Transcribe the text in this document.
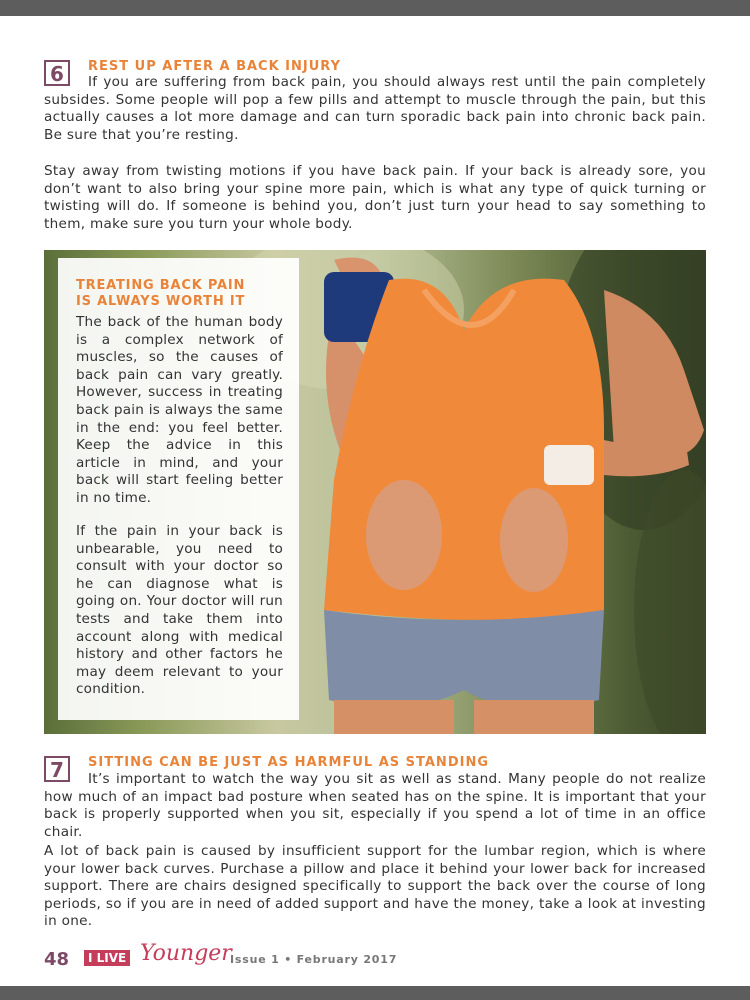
6	REST UP AFTER A BACK INJURY

If you are suffering from back pain, you should always rest until the pain completely subsides. Some people will pop a few pills and attempt to muscle through the pain, but this actually causes a lot more damage and can turn sporadic back pain into chronic back pain. Be sure that you’re resting.

Stay away from twisting motions if you have back pain. If your back is already sore, you don’t want to also bring your spine more pain, which is what any type of quick turning or twisting will do. If someone is behind you, don’t just turn your head to say something to them, make sure you turn your whole body.

TREATING BACK PAIN
IS ALWAYS WORTH IT

The back of the human body is a complex network of muscles, so the causes of back pain can vary greatly. However, success in treating back pain is always the same in the end: you feel better. Keep the advice in this article in mind, and your back will start feeling better in no time.

If the pain in your back is unbearable, you need to consult with your doctor so he can diagnose what is going on. Your doctor will run tests and take them into account along with medical history and other factors he may deem relevant to your condition.

7	SITTING CAN BE JUST AS HARMFUL AS STANDING

It’s important to watch the way you sit as well as stand. Many people do not realize how much of an impact bad posture when seated has on the spine. It is important that your back is properly supported when you sit, especially if you spend a lot of time in an office chair.

A lot of back pain is caused by insufficient support for the lumbar region, which is where your lower back curves. Purchase a pillow and place it behind your lower back for increased support. There are chairs designed specifically to support the back over the course of long periods, so if you are in need of added support and have the money, take a look at investing in one.

48	I LIVE Younger
Issue 1 • February 2017
